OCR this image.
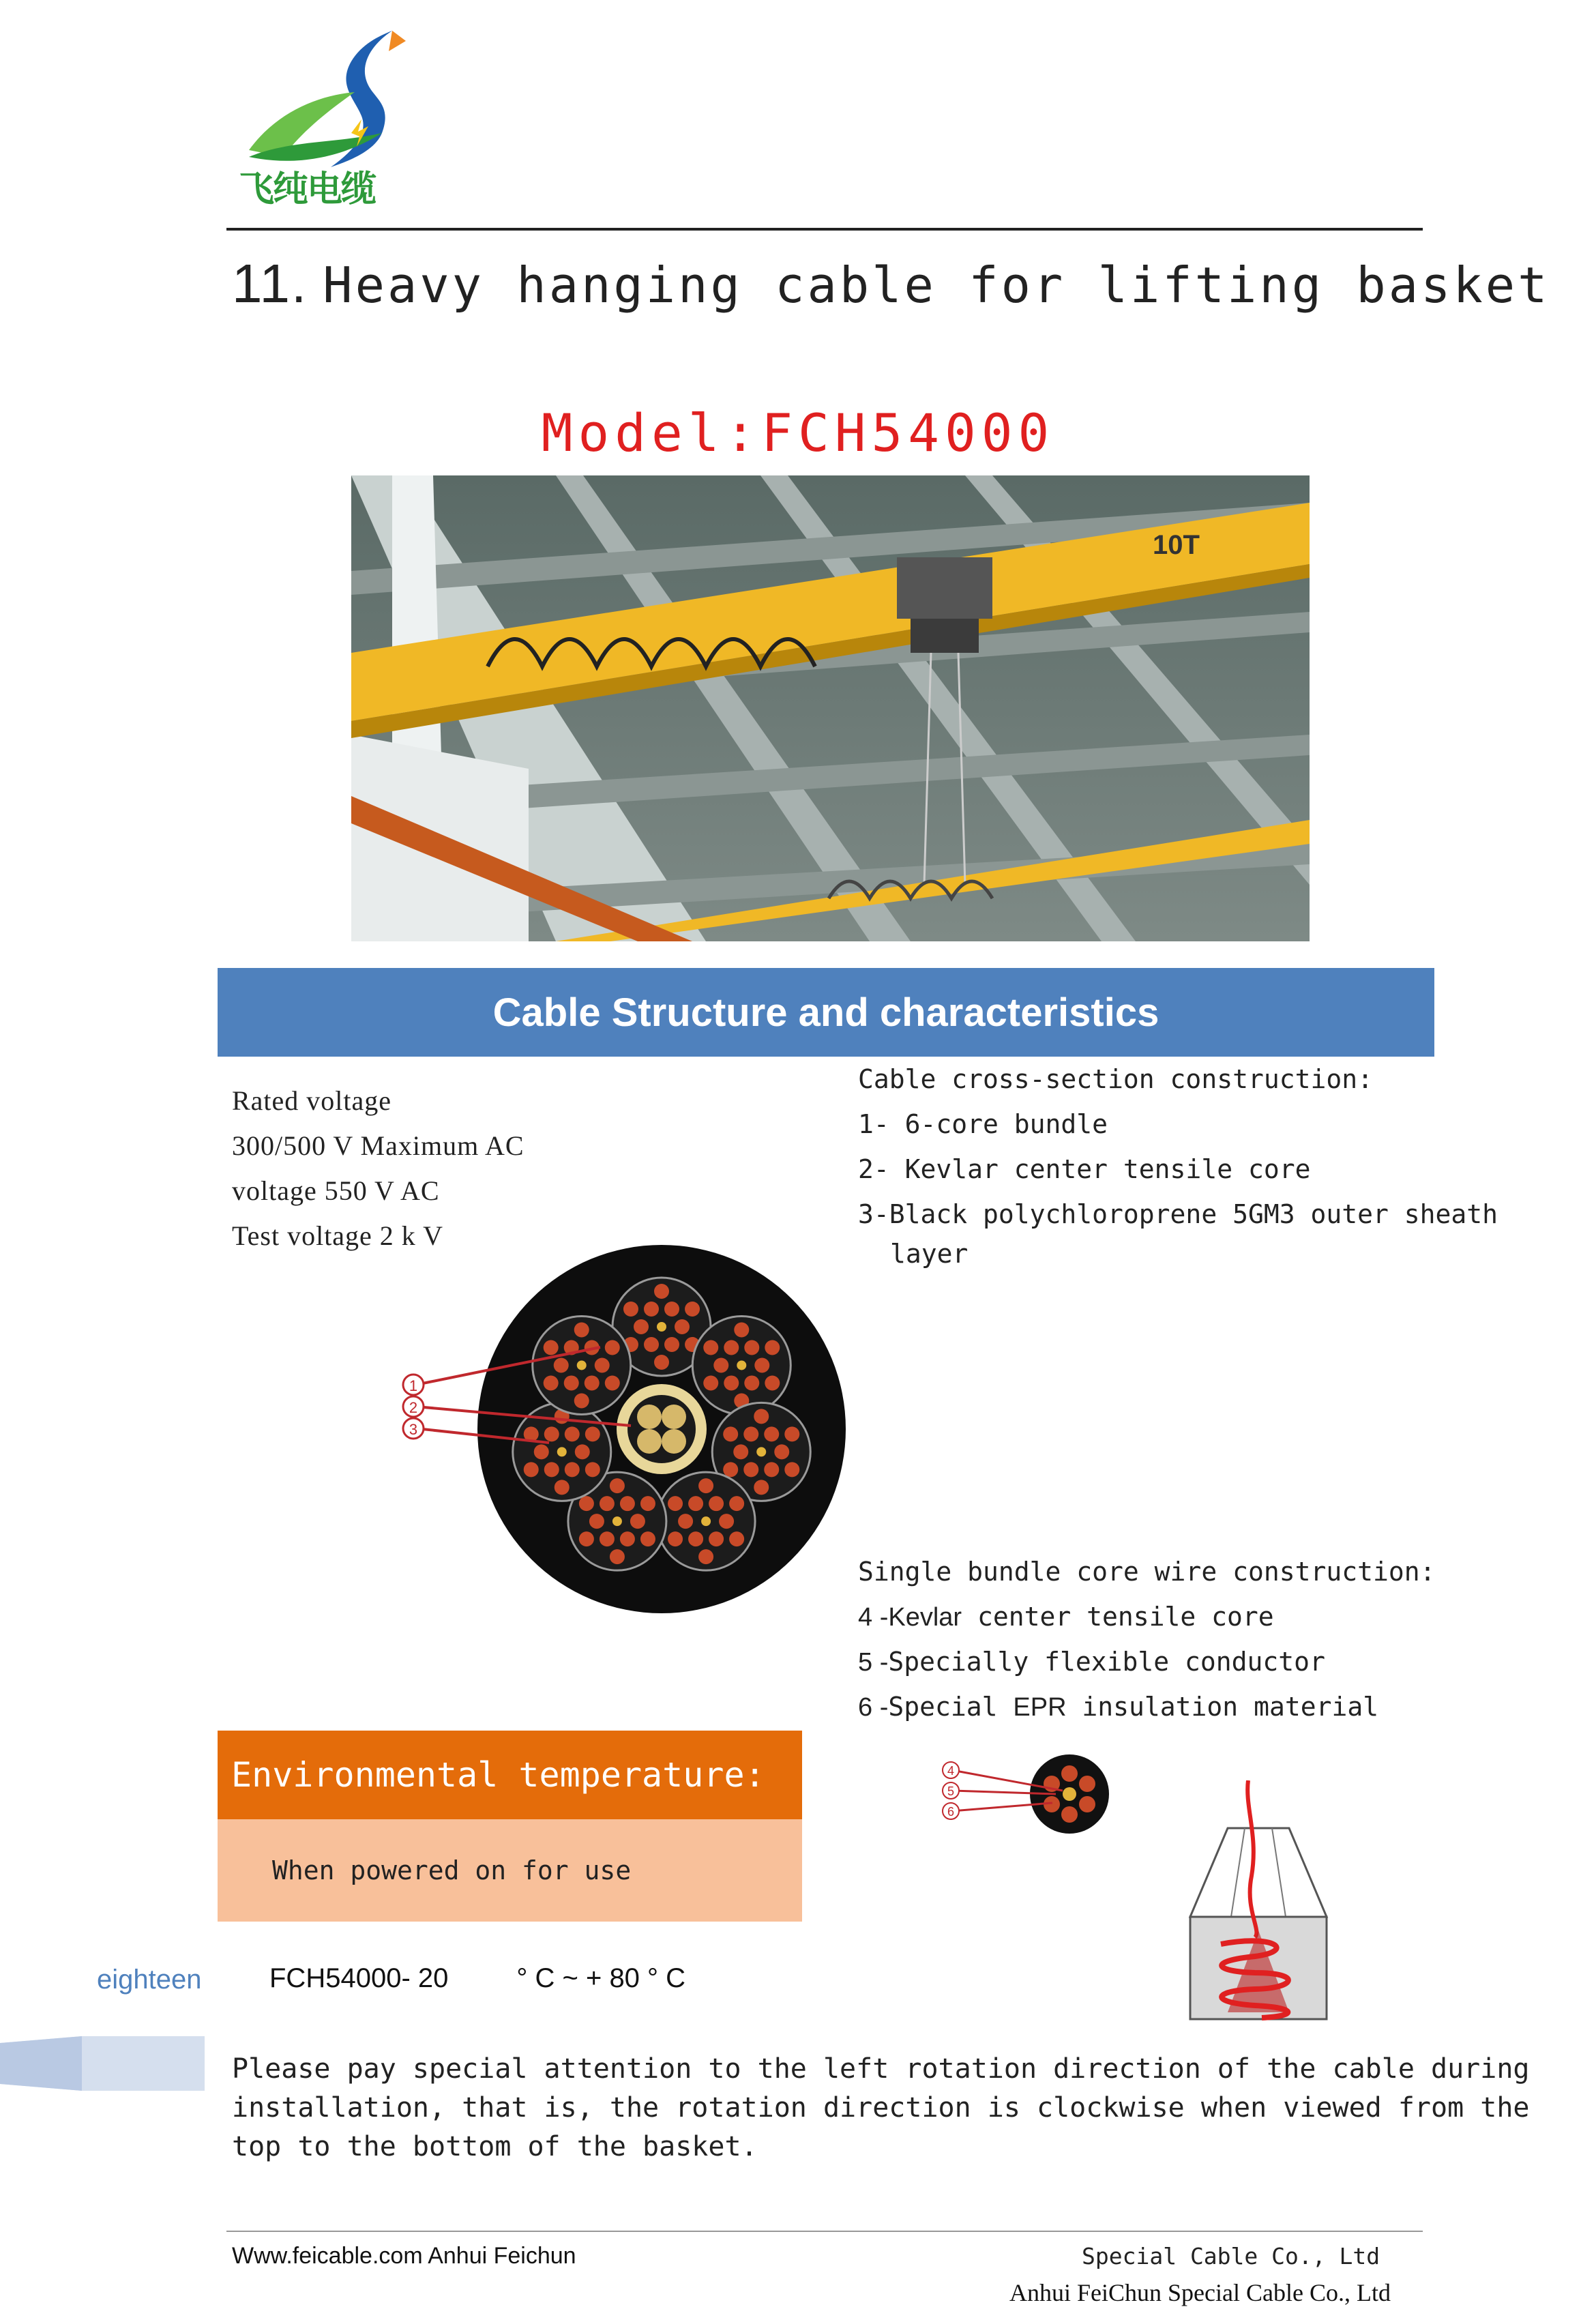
飞纯电缆
11. Heavy hanging cable for lifting basket
Model:FCH54000
10T
Cable Structure and characteristics
Rated voltage
300/500 V Maximum AC
voltage 550 V AC
Test voltage 2 k V
Cable cross-section construction:
1- 6-core bundle
2- Kevlar center tensile core
3-Black polychloroprene 5GM3 outer sheath
layer
1
2
3
Single bundle core wire construction:
4 -Kevlar center tensile core
5 -Specially flexible conductor
6 -Special EPR insulation material
4
5
6
Environmental temperature:
When powered on for use
eighteen FCH54000- 20         ° C ~ + 80 ° C
Please pay special attention to the left rotation direction of the cable during installation, that is, the rotation direction is clockwise when viewed from the top to the bottom of the basket.
Www.feicable.com Anhui Feichun	Special Cable Co., Ltd
Anhui FeiChun Special Cable Co., Ltd
